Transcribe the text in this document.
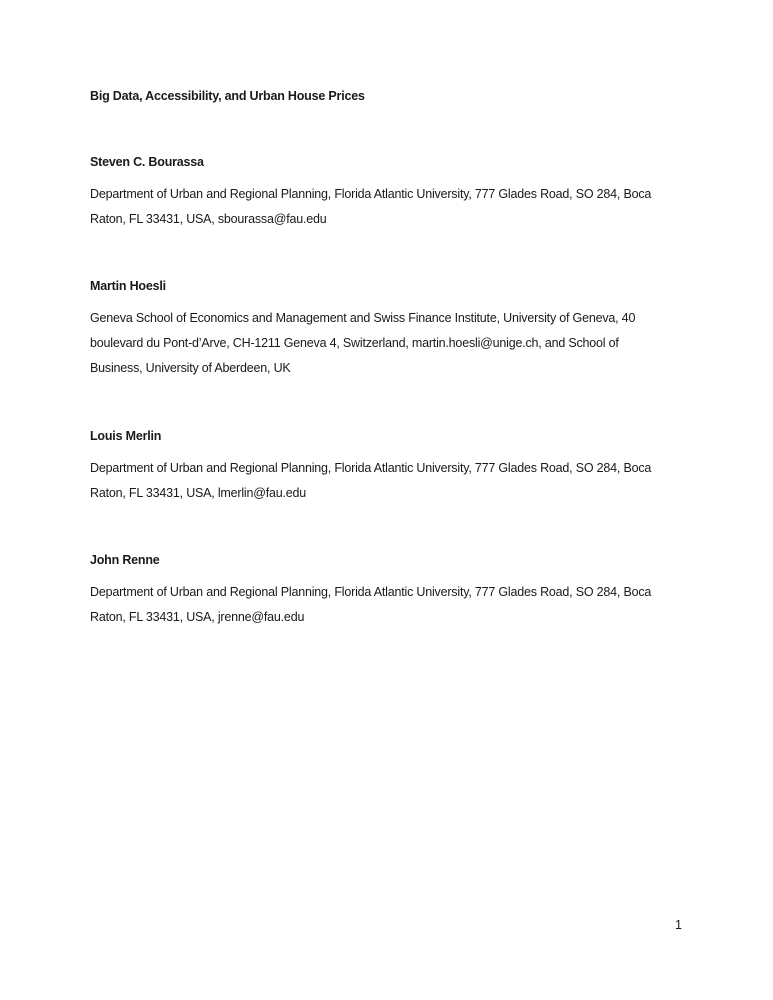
Big Data, Accessibility, and Urban House Prices
Steven C. Bourassa

Department of Urban and Regional Planning, Florida Atlantic University, 777 Glades Road, SO 284, Boca

Raton, FL 33431, USA, sbourassa@fau.edu

Martin Hoesli

Geneva School of Economics and Management and Swiss Finance Institute, University of Geneva, 40

boulevard du Pont-d’Arve, CH-1211 Geneva 4, Switzerland, martin.hoesli@unige.ch, and School of

Business, University of Aberdeen, UK

Louis Merlin

Department of Urban and Regional Planning, Florida Atlantic University, 777 Glades Road, SO 284, Boca

Raton, FL 33431, USA, lmerlin@fau.edu

John Renne

Department of Urban and Regional Planning, Florida Atlantic University, 777 Glades Road, SO 284, Boca

Raton, FL 33431, USA, jrenne@fau.edu

1
